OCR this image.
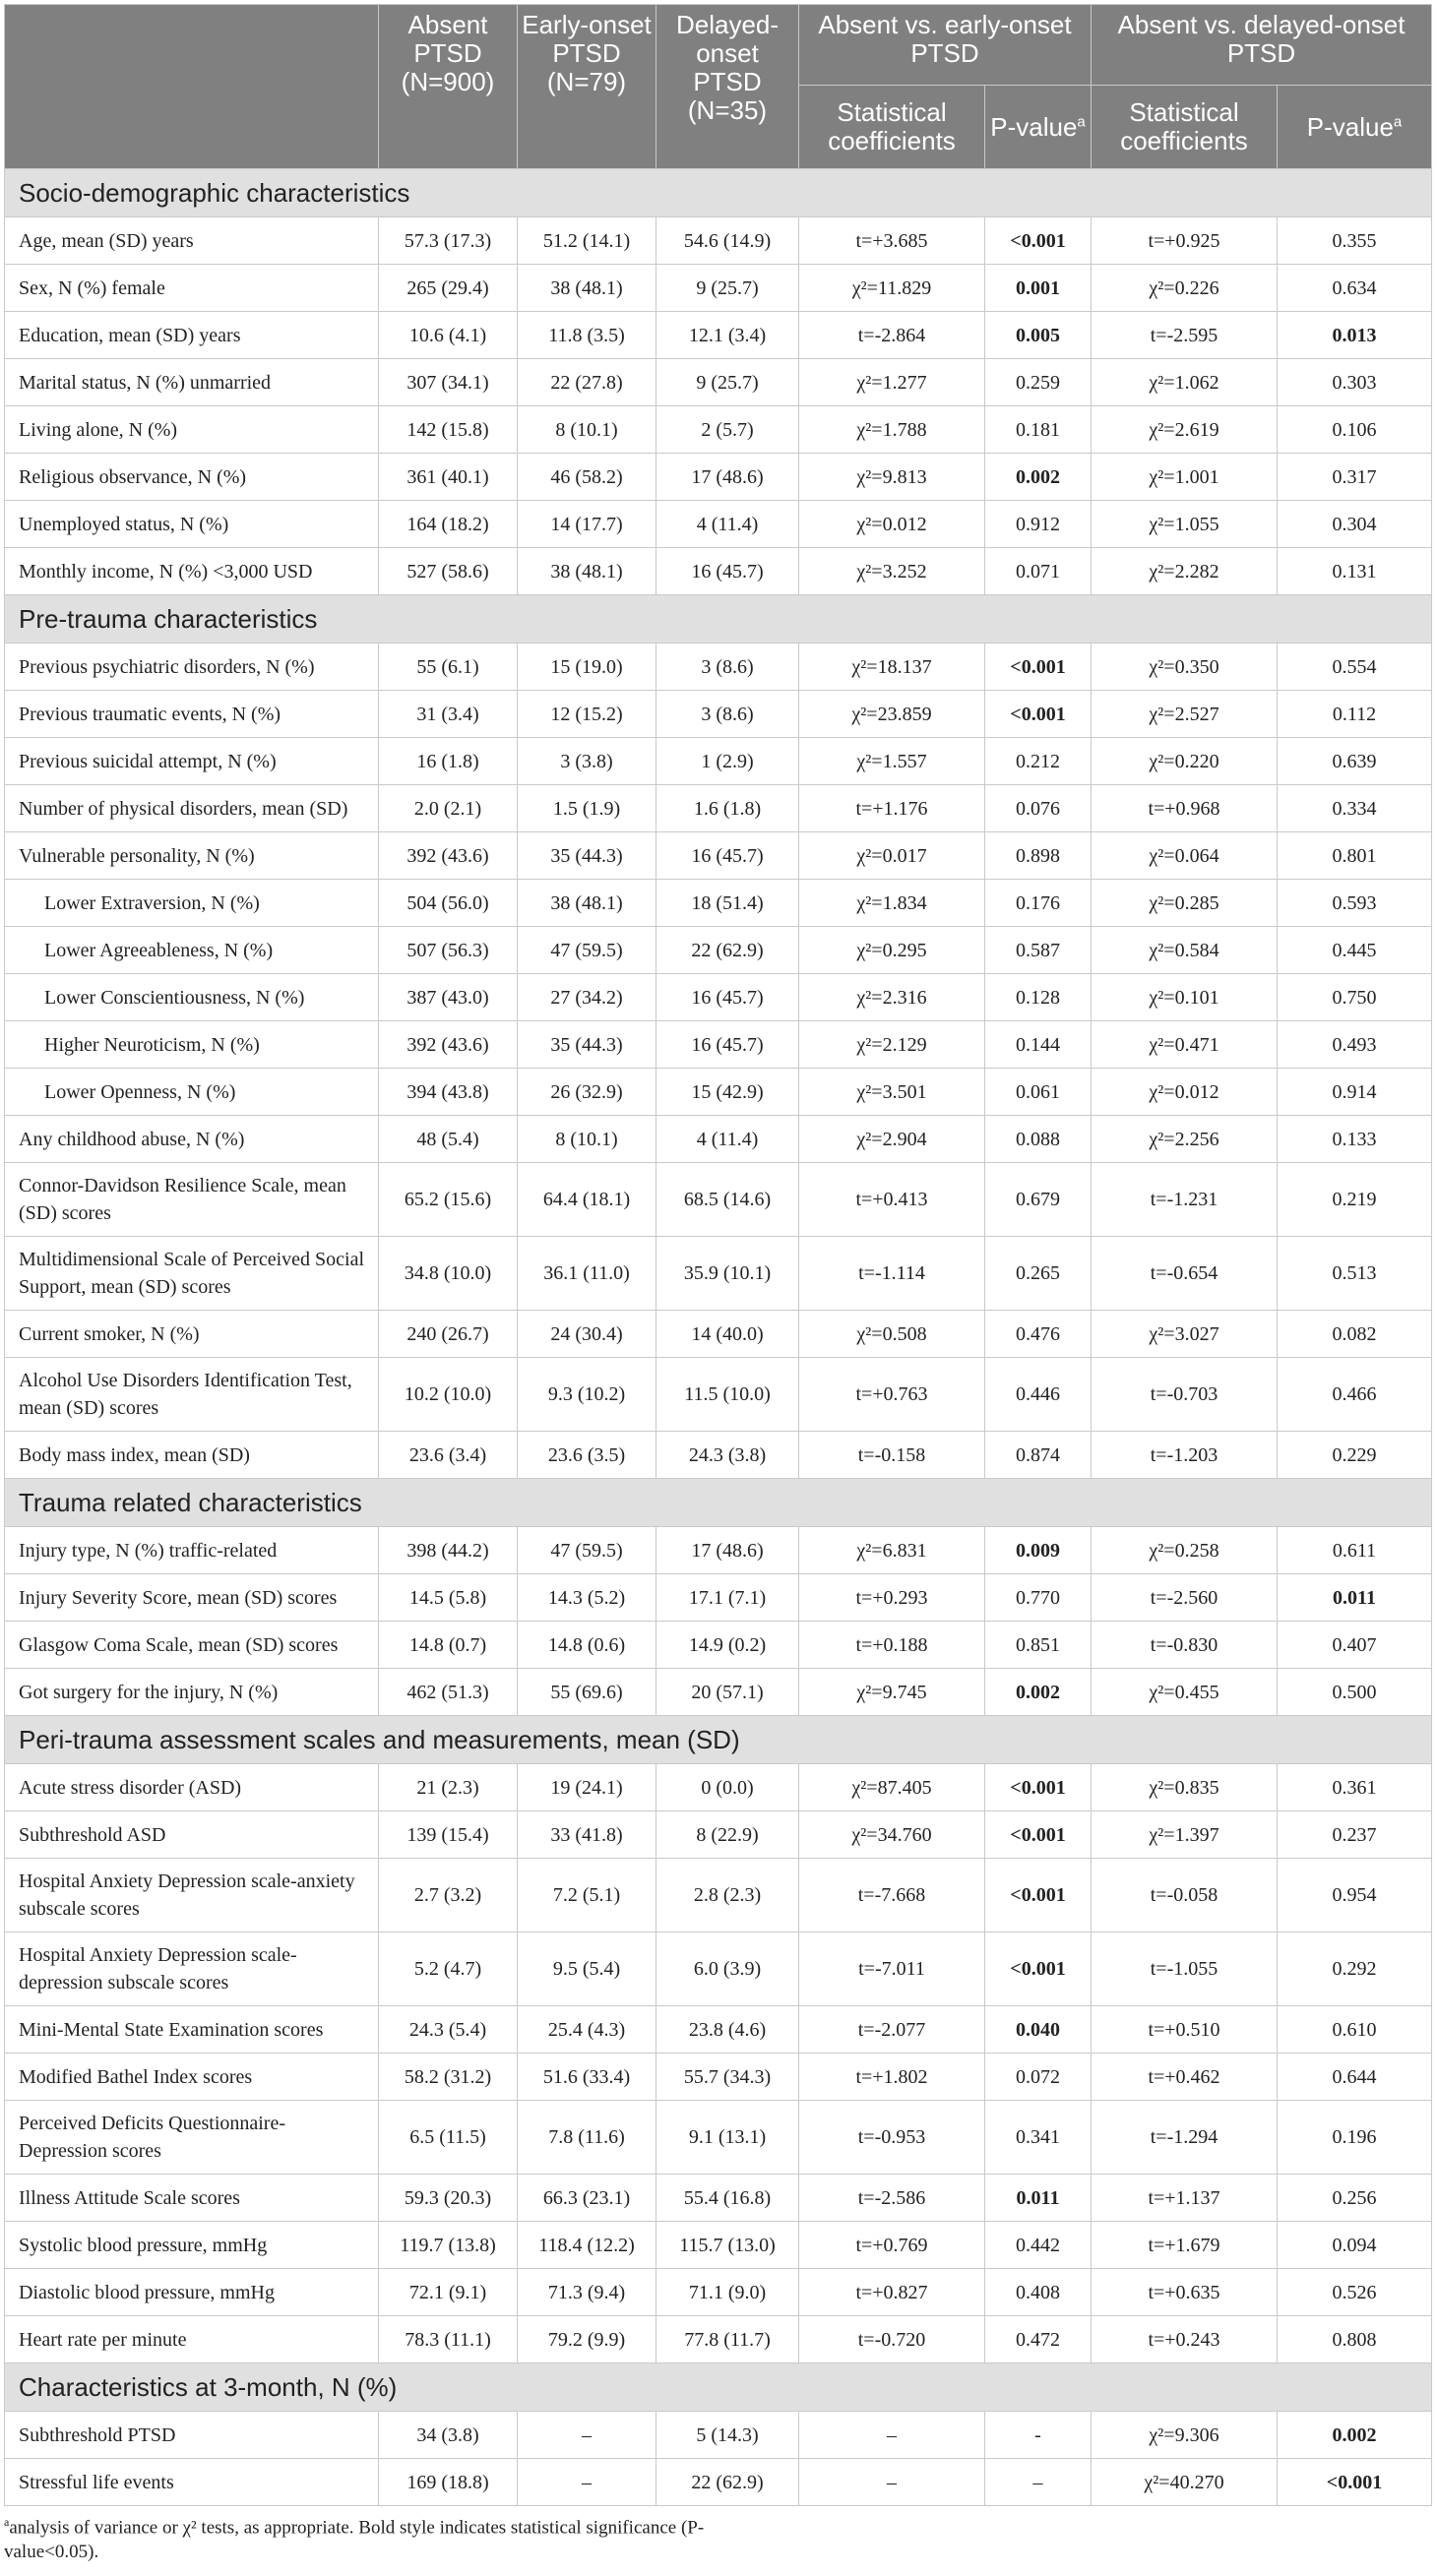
	Absent PTSD (N=900)	Early-onset PTSD (N=79)	Delayed-onset PTSD (N=35)	Absent vs. early-onset PTSD		Absent vs. delayed-onset PTSD	
				Statistical coefficients	P-value$^a$	Statistical coefficients	P-value$^a$
Socio-demographic characteristics							
Age, mean (SD) years	57.3 (17.3)	51.2 (14.1)	54.6 (14.9)	t=+3.685	<0.001	t=+0.925	0.355
Sex, N (%) female	265 (29.4)	38 (48.1)	9 (25.7)	χ²=11.829	0.001	χ²=0.226	0.634
Education, mean (SD) years	10.6 (4.1)	11.8 (3.5)	12.1 (3.4)	t=-2.864	0.005	t=-2.595	0.013
Marital status, N (%) unmarried	307 (34.1)	22 (27.8)	9 (25.7)	χ²=1.277	0.259	χ²=1.062	0.303
Living alone, N (%)	142 (15.8)	8 (10.1)	2 (5.7)	χ²=1.788	0.181	χ²=2.619	0.106
Religious observance, N (%)	361 (40.1)	46 (58.2)	17 (48.6)	χ²=9.813	0.002	χ²=1.001	0.317
Unemployed status, N (%)	164 (18.2)	14 (17.7)	4 (11.4)	χ²=0.012	0.912	χ²=1.055	0.304
Monthly income, N (%) <3,000 USD	527 (58.6)	38 (48.1)	16 (45.7)	χ²=3.252	0.071	χ²=2.282	0.131
Pre-trauma characteristics							
Previous psychiatric disorders, N (%)	55 (6.1)	15 (19.0)	3 (8.6)	χ²=18.137	<0.001	χ²=0.350	0.554
Previous traumatic events, N (%)	31 (3.4)	12 (15.2)	3 (8.6)	χ²=23.859	<0.001	χ²=2.527	0.112
Previous suicidal attempt, N (%)	16 (1.8)	3 (3.8)	1 (2.9)	χ²=1.557	0.212	χ²=0.220	0.639
Number of physical disorders, mean (SD)	2.0 (2.1)	1.5 (1.9)	1.6 (1.8)	t=+1.176	0.076	t=+0.968	0.334
Vulnerable personality, N (%)	392 (43.6)	35 (44.3)	16 (45.7)	χ²=0.017	0.898	χ²=0.064	0.801
Lower Extraversion, N (%)	504 (56.0)	38 (48.1)	18 (51.4)	χ²=1.834	0.176	χ²=0.285	0.593
Lower Agreeableness, N (%)	507 (56.3)	47 (59.5)	22 (62.9)	χ²=0.295	0.587	χ²=0.584	0.445
Lower Conscientiousness, N (%)	387 (43.0)	27 (34.2)	16 (45.7)	χ²=2.316	0.128	χ²=0.101	0.750
Higher Neuroticism, N (%)	392 (43.6)	35 (44.3)	16 (45.7)	χ²=2.129	0.144	χ²=0.471	0.493
Lower Openness, N (%)	394 (43.8)	26 (32.9)	15 (42.9)	χ²=3.501	0.061	χ²=0.012	0.914
Any childhood abuse, N (%)	48 (5.4)	8 (10.1)	4 (11.4)	χ²=2.904	0.088	χ²=2.256	0.133
Connor-Davidson Resilience Scale, mean (SD) scores	65.2 (15.6)	64.4 (18.1)	68.5 (14.6)	t=+0.413	0.679	t=-1.231	0.219
Multidimensional Scale of Perceived Social Support, mean (SD) scores	34.8 (10.0)	36.1 (11.0)	35.9 (10.1)	t=-1.114	0.265	t=-0.654	0.513
Current smoker, N (%)	240 (26.7)	24 (30.4)	14 (40.0)	χ²=0.508	0.476	χ²=3.027	0.082
Alcohol Use Disorders Identification Test, mean (SD) scores	10.2 (10.0)	9.3 (10.2)	11.5 (10.0)	t=+0.763	0.446	t=-0.703	0.466
Body mass index, mean (SD)	23.6 (3.4)	23.6 (3.5)	24.3 (3.8)	t=-0.158	0.874	t=-1.203	0.229
Trauma related characteristics							
Injury type, N (%) traffic-related	398 (44.2)	47 (59.5)	17 (48.6)	χ²=6.831	0.009	χ²=0.258	0.611
Injury Severity Score, mean (SD) scores	14.5 (5.8)	14.3 (5.2)	17.1 (7.1)	t=+0.293	0.770	t=-2.560	0.011
Glasgow Coma Scale, mean (SD) scores	14.8 (0.7)	14.8 (0.6)	14.9 (0.2)	t=+0.188	0.851	t=-0.830	0.407
Got surgery for the injury, N (%)	462 (51.3)	55 (69.6)	20 (57.1)	χ²=9.745	0.002	χ²=0.455	0.500
Peri-trauma assessment scales and measurements, mean (SD)							
Acute stress disorder (ASD)	21 (2.3)	19 (24.1)	0 (0.0)	χ²=87.405	<0.001	χ²=0.835	0.361
Subthreshold ASD	139 (15.4)	33 (41.8)	8 (22.9)	χ²=34.760	<0.001	χ²=1.397	0.237
Hospital Anxiety Depression scale-anxiety subscale scores	2.7 (3.2)	7.2 (5.1)	2.8 (2.3)	t=-7.668	<0.001	t=-0.058	0.954
Hospital Anxiety Depression scale-depression subscale scores	5.2 (4.7)	9.5 (5.4)	6.0 (3.9)	t=-7.011	<0.001	t=-1.055	0.292
Mini-Mental State Examination scores	24.3 (5.4)	25.4 (4.3)	23.8 (4.6)	t=-2.077	0.040	t=+0.510	0.610
Modified Bathel Index scores	58.2 (31.2)	51.6 (33.4)	55.7 (34.3)	t=+1.802	0.072	t=+0.462	0.644
Perceived Deficits Questionnaire-Depression scores	6.5 (11.5)	7.8 (11.6)	9.1 (13.1)	t=-0.953	0.341	t=-1.294	0.196
Illness Attitude Scale scores	59.3 (20.3)	66.3 (23.1)	55.4 (16.8)	t=-2.586	0.011	t=+1.137	0.256
Systolic blood pressure, mmHg	119.7 (13.8)	118.4 (12.2)	115.7 (13.0)	t=+0.769	0.442	t=+1.679	0.094
Diastolic blood pressure, mmHg	72.1 (9.1)	71.3 (9.4)	71.1 (9.0)	t=+0.827	0.408	t=+0.635	0.526
Heart rate per minute	78.3 (11.1)	79.2 (9.9)	77.8 (11.7)	t=-0.720	0.472	t=+0.243	0.808
Characteristics at 3-month, N (%)							
Subthreshold PTSD	34 (3.8)	–	5 (14.3)	–	-	χ²=9.306	0.002
Stressful life events	169 (18.8)	–	22 (62.9)	–	–	χ²=40.270	<0.001
$^a$analysis of variance or χ² tests, as appropriate. Bold style indicates statistical significance (P-value<0.05).
